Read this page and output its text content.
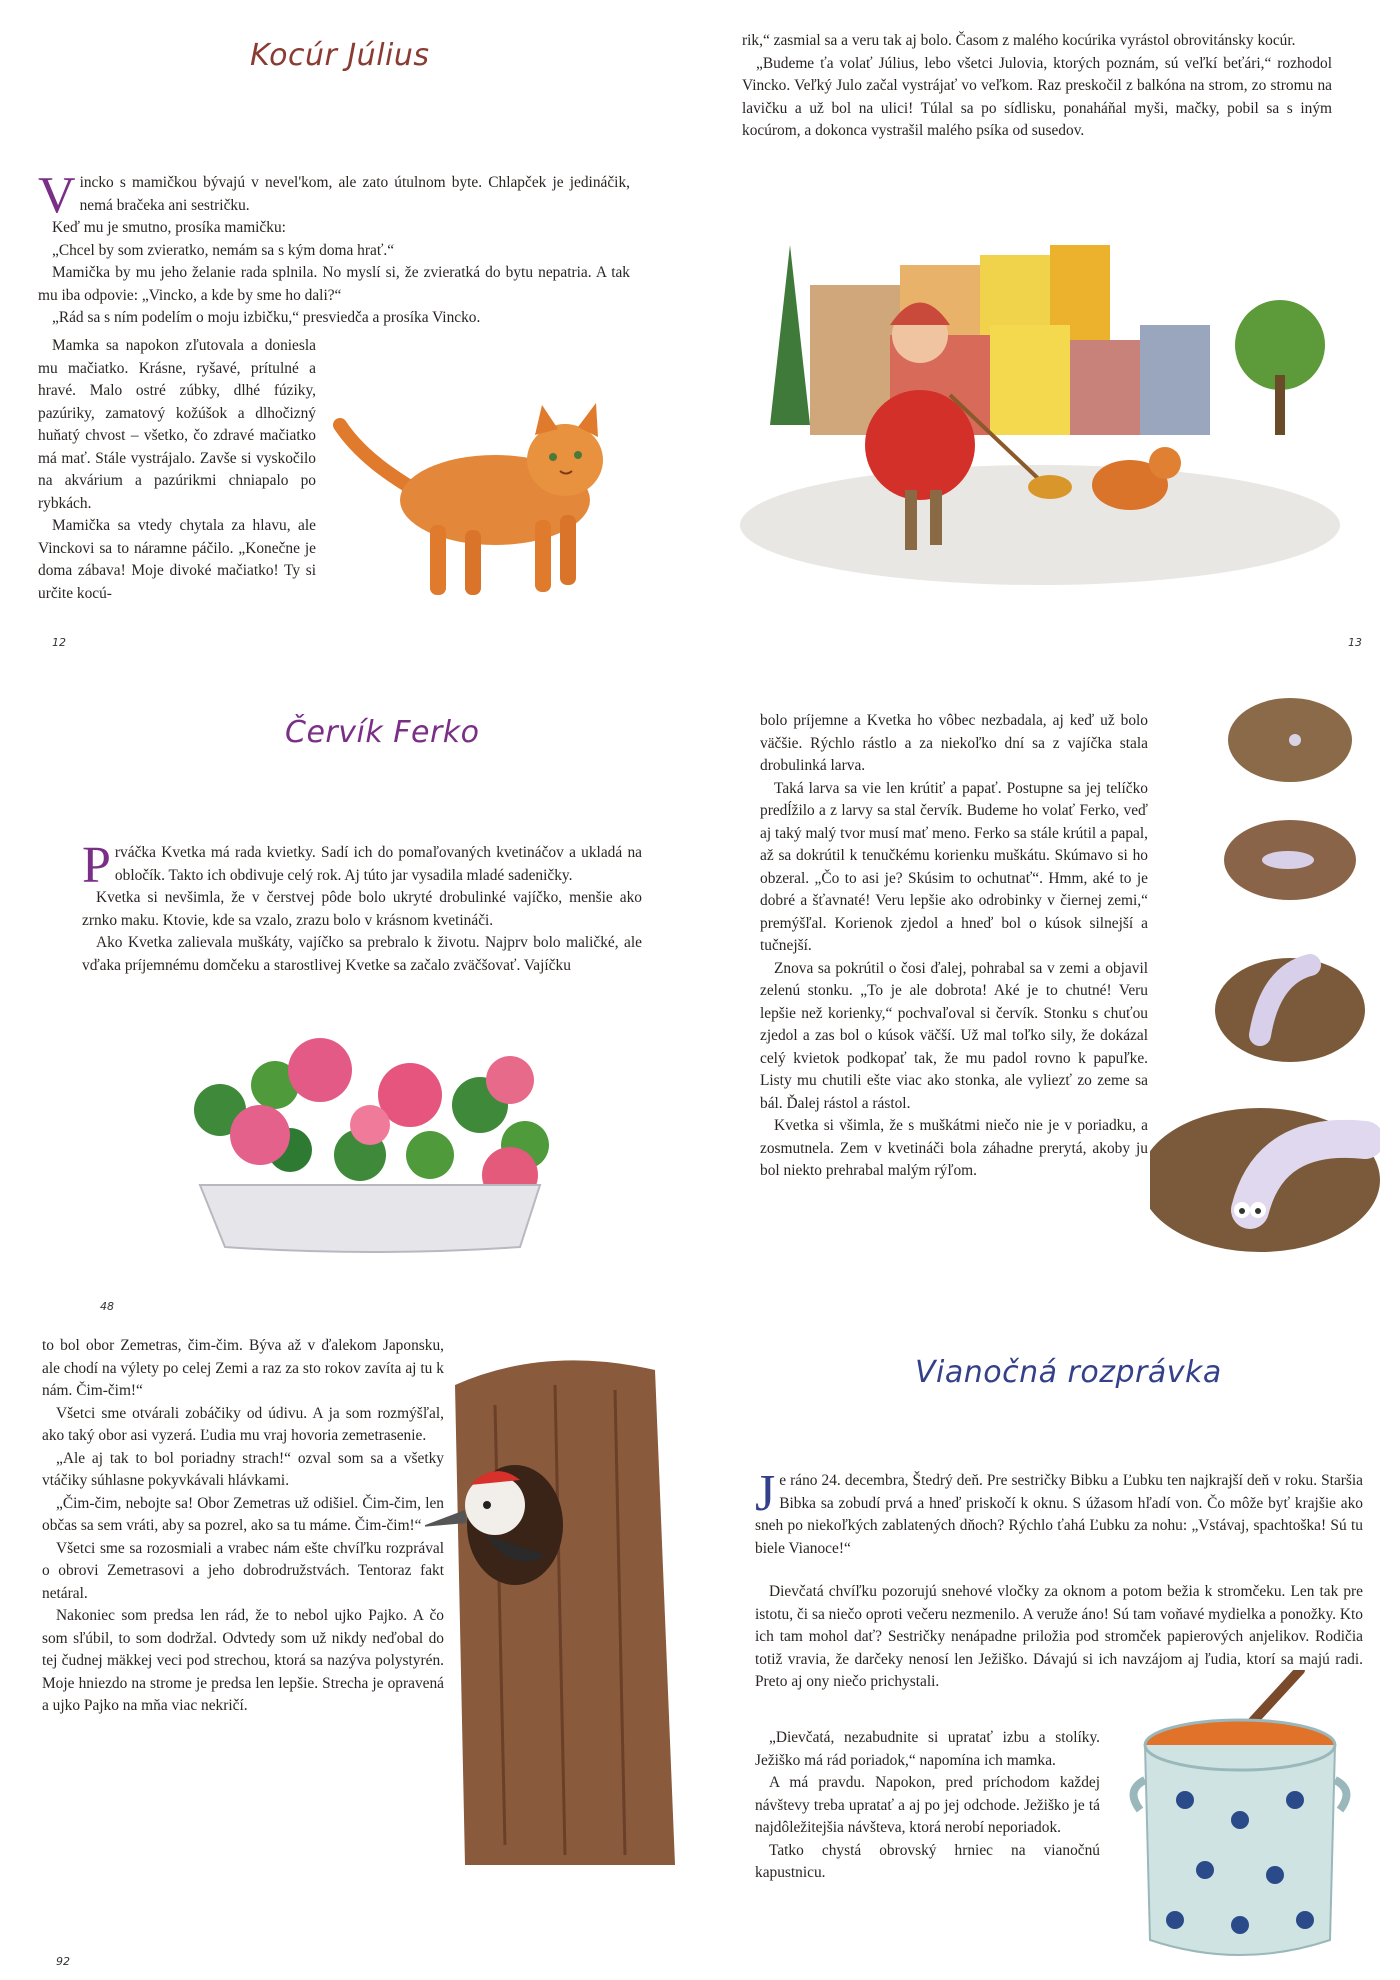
Kocúr Július

Vincko s mamičkou bývajú v nevel'kom, ale zato útulnom byte. Chlapček je jedináčik, nemá bračeka ani sestričku.

Keď mu je smutno, prosíka mamičku:

„Chcel by som zvieratko, nemám sa s kým doma hrať.“

Mamička by mu jeho želanie rada splnila. No myslí si, že zvieratká do bytu nepatria. A tak mu iba odpovie: „Vincko, a kde by sme ho dali?“

„Rád sa s ním podelím o moju izbičku,“ presviedča a prosíka Vincko.

Mamka sa napokon zľutovala a doniesla mu mačiatko. Krásne, ryšavé, prítulné a hravé. Malo ostré zúbky, dlhé fúziky, pazúriky, zamatový kožúšok a dlhočizný huňatý chvost – všetko, čo zdravé mačiatko má mať. Stále vystrájalo. Zavše si vyskočilo na akvárium a pazúrikmi chniapalo po rybkách.

Mamička sa vtedy chytala za hlavu, ale Vinckovi sa to náramne páčilo. „Konečne je doma zábava! Moje divoké mačiatko! Ty si určite kocú-

12

rik,“ zasmial sa a veru tak aj bolo. Časom z malého kocúrika vyrástol obrovitánsky kocúr.

„Budeme ťa volať Július, lebo všetci Julovia, ktorých poznám, sú veľkí beťári,“ rozhodol Vincko. Veľký Julo začal vystrájať vo veľkom. Raz preskočil z balkóna na strom, zo stromu na lavičku a už bol na ulici! Túlal sa po sídlisku, ponaháňal myši, mačky, pobil sa s iným kocúrom, a dokonca vystrašil malého psíka od susedov.

13
Červík Ferko

Prváčka Kvetka má rada kvietky. Sadí ich do pomaľovaných kvetináčov a ukladá na obločík. Takto ich obdivuje celý rok. Aj túto jar vysadila mladé sadeničky.

Kvetka si nevšimla, že v čerstvej pôde bolo ukryté drobulinké vajíčko, menšie ako zrnko maku. Ktovie, kde sa vzalo, zrazu bolo v krásnom kvetináči.

Ako Kvetka zalievala muškáty, vajíčko sa prebralo k životu. Najprv bolo maličké, ale vďaka príjemnému domčeku a starostlivej Kvetke sa začalo zväčšovať. Vajíčku

48

bolo príjemne a Kvetka ho vôbec nezbadala, aj keď už bolo väčšie. Rýchlo rástlo a za niekoľko dní sa z vajíčka stala drobulinká larva.

Taká larva sa vie len krútiť a papať. Postupne sa jej telíčko predĺžilo a z larvy sa stal červík. Budeme ho volať Ferko, veď aj taký malý tvor musí mať meno. Ferko sa stále krútil a papal, až sa dokrútil k tenučkému korienku muškátu. Skúmavo si ho obzeral. „Čo to asi je? Skúsim to ochutnať“. Hmm, aké to je dobré a šťavnaté! Veru lepšie ako odrobinky v čiernej zemi,“ premýšľal. Korienok zjedol a hneď bol o kúsok silnejší a tučnejší.

Znova sa pokrútil o čosi ďalej, pohrabal sa v zemi a objavil zelenú stonku. „To je ale dobrota! Aké je to chutné! Veru lepšie než korienky,“ pochvaľoval si červík. Stonku s chuťou zjedol a zas bol o kúsok väčší. Už mal toľko sily, že dokázal celý kvietok podkopať tak, že mu padol rovno k papuľke. Listy mu chutili ešte viac ako stonka, ale vyliezť zo zeme sa bál. Ďalej rástol a rástol.

Kvetka si všimla, že s muškátmi niečo nie je v poriadku, a zosmutnela. Zem v kvetináči bola záhadne prerytá, akoby ju bol niekto prehrabal malým rýľom.

to bol obor Zemetras, čim-čim. Býva až v ďalekom Japonsku, ale chodí na výlety po celej Zemi a raz za sto rokov zavíta aj tu k nám. Čim-čim!“

Všetci sme otvárali zobáčiky od údivu. A ja som rozmýšľal, ako taký obor asi vyzerá. Ľudia mu vraj hovoria zemetrasenie.

„Ale aj tak to bol poriadny strach!“ ozval som sa a všetky vtáčiky súhlasne pokyvkávali hlávkami.

„Čim-čim, nebojte sa! Obor Zemetras už odišiel. Čim-čim, len občas sa sem vráti, aby sa pozrel, ako sa tu máme. Čim-čim!“

Všetci sme sa rozosmiali a vrabec nám ešte chvíľku rozprával o obrovi Zemetrasovi a jeho dobrodružstvách. Tentoraz fakt netáral.

Nakoniec som predsa len rád, že to nebol ujko Pajko. A čo som sľúbil, to som dodržal. Odvtedy som už nikdy neďobal do tej čudnej mäkkej veci pod strechou, ktorá sa nazýva polystyrén. Moje hniezdo na strome je predsa len lepšie. Strecha je opravená a ujko Pajko na mňa viac nekričí.

92
Vianočná rozprávka

Je ráno 24. decembra, Štedrý deň. Pre sestričky Bibku a Ľubku ten najkrajší deň v roku. Staršia Bibka sa zobudí prvá a hneď priskočí k oknu. S úžasom hľadí von. Čo môže byť krajšie ako sneh po niekoľkých zablatených dňoch? Rýchlo ťahá Ľubku za nohu: „Vstávaj, spachtoška! Sú tu biele Vianoce!“

Dievčatá chvíľku pozorujú snehové vločky za oknom a potom bežia k stromčeku. Len tak pre istotu, či sa niečo oproti večeru nezmenilo. A veruže áno! Sú tam voňavé mydielka a ponožky. Kto ich tam mohol dať? Sestričky nenápadne priložia pod stromček papierových anjelikov. Rodičia totiž vravia, že darčeky nenosí len Ježiško. Dávajú si ich navzájom aj ľudia, ktorí sa majú radi. Preto aj ony niečo prichystali.

„Dievčatá, nezabudnite si upratať izbu a stolíky. Ježiško má rád poriadok,“ napomína ich mamka.

A má pravdu. Napokon, pred príchodom každej návštevy treba upratať a aj po jej odchode. Ježiško je tá najdôležitejšia návšteva, ktorá nerobí neporiadok.

Tatko chystá obrovský hrniec na vianočnú kapustnicu.
